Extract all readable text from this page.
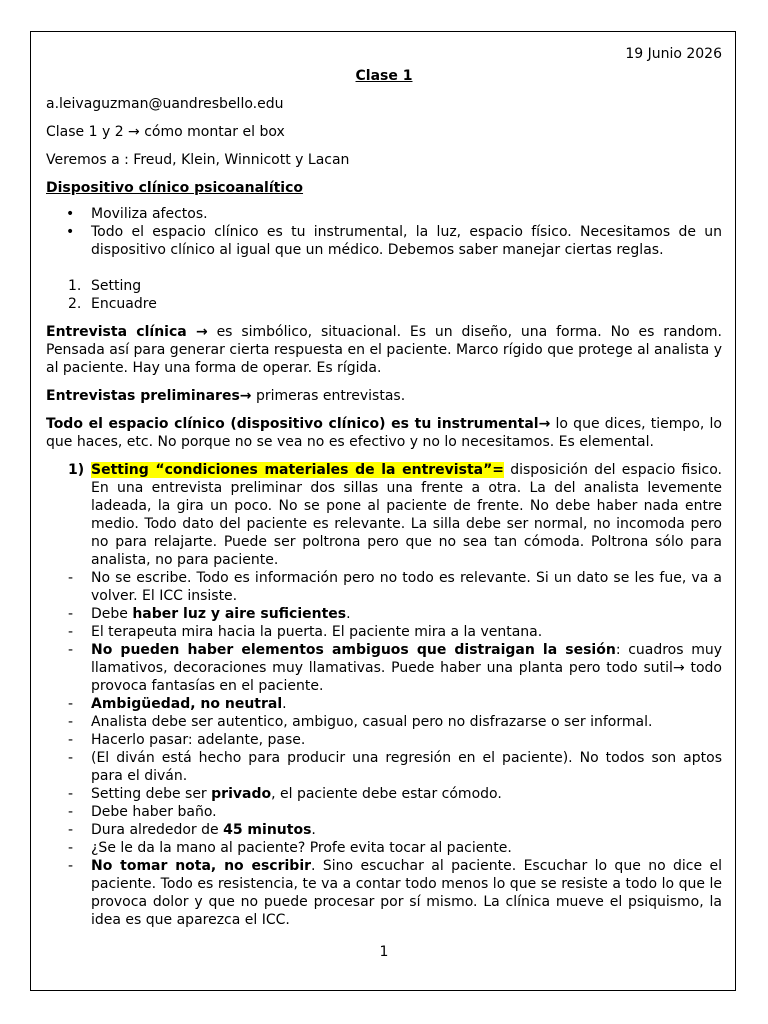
19 Junio 2026
Clase 1
a.leivaguzman@uandresbello.edu
Clase 1 y 2 → cómo montar el box
Veremos a : Freud, Klein, Winnicott y Lacan
Dispositivo clínico psicoanalítico
• Moviliza afectos.
• Todo el espacio clínico es tu instrumental, la luz, espacio físico. Necesitamos de un dispositivo clínico al igual que un médico. Debemos saber manejar ciertas reglas.
1. Setting
2. Encuadre

Entrevista clínica → es simbólico, situacional. Es un diseño, una forma. No es random. Pensada así para generar cierta respuesta en el paciente. Marco rígido que protege al analista y al paciente. Hay una forma de operar. Es rígida.

Entrevistas preliminares→ primeras entrevistas.

Todo el espacio clínico (dispositivo clínico) es tu instrumental→ lo que dices, tiempo, lo que haces, etc. No porque no se vea no es efectivo y no lo necesitamos. Es elemental.

1) Setting “condiciones materiales de la entrevista”= disposición del espacio fisico. En una entrevista preliminar dos sillas una frente a otra. La del analista levemente ladeada, la gira un poco. No se pone al paciente de frente. No debe haber nada entre medio. Todo dato del paciente es relevante. La silla debe ser normal, no incomoda pero no para relajarte. Puede ser poltrona pero que no sea tan cómoda. Poltrona sólo para analista, no para paciente.
- No se escribe. Todo es información pero no todo es relevante. Si un dato se les fue, va a volver. El ICC insiste.
- Debe haber luz y aire suficientes.
- El terapeuta mira hacia la puerta. El paciente mira a la ventana.
- No pueden haber elementos ambiguos que distraigan la sesión: cuadros muy llamativos, decoraciones muy llamativas. Puede haber una planta pero todo sutil→ todo provoca fantasías en el paciente.
- Ambigüedad, no neutral.
- Analista debe ser autentico, ambiguo, casual pero no disfrazarse o ser informal.
- Hacerlo pasar: adelante, pase.
- (El diván está hecho para producir una regresión en el paciente). No todos son aptos para el diván.
- Setting debe ser privado, el paciente debe estar cómodo.
- Debe haber baño.
- Dura alrededor de 45 minutos.
- ¿Se le da la mano al paciente? Profe evita tocar al paciente.
- No tomar nota, no escribir. Sino escuchar al paciente. Escuchar lo que no dice el paciente. Todo es resistencia, te va a contar todo menos lo que se resiste a todo lo que le provoca dolor y que no puede procesar por sí mismo. La clínica mueve el psiquismo, la idea es que aparezca el ICC.
1
